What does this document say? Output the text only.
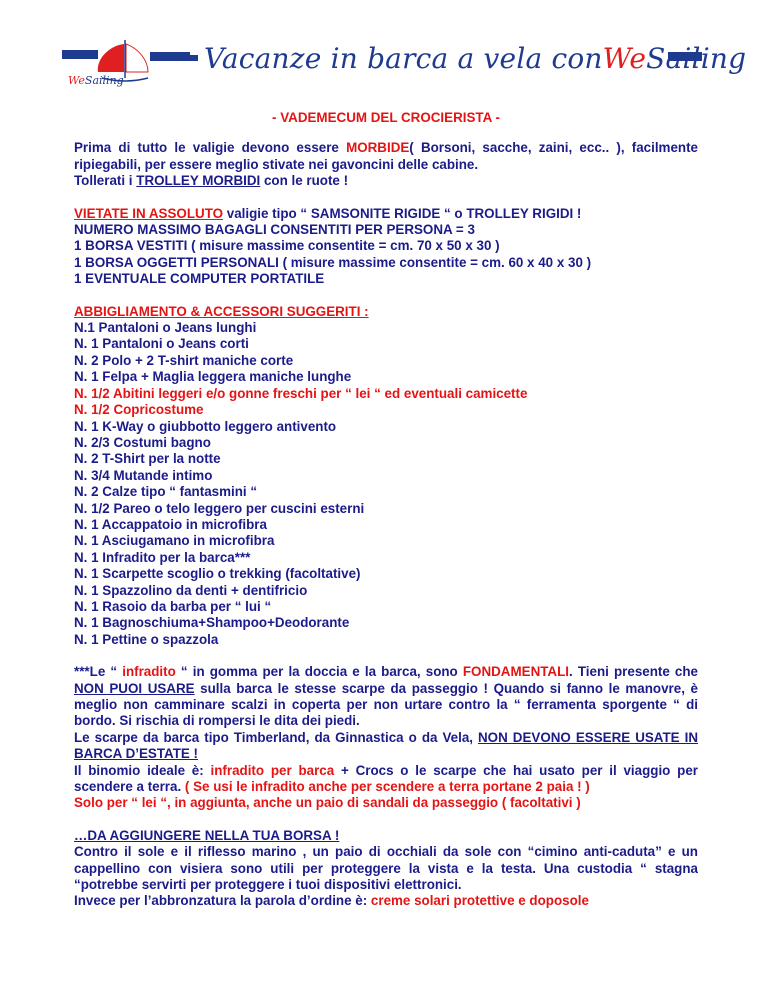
WeSailing
Vacanze in barca a vela conWeSailing

- VADEMECUM DEL CROCIERISTA -

Prima di tutto le valigie devono essere MORBIDE( Borsoni, sacche, zaini, ecc.. ), facilmente ripiegabili, per essere meglio stivate nei gavoncini delle cabine.

Tollerati i TROLLEY MORBIDI con le ruote !

VIETATE IN ASSOLUTO valigie tipo “ SAMSONITE RIGIDE “ o TROLLEY RIGIDI !

NUMERO MASSIMO BAGAGLI CONSENTITI PER PERSONA = 3

1 BORSA VESTITI ( misure massime consentite = cm. 70 x 50 x 30 )

1 BORSA OGGETTI PERSONALI ( misure massime consentite = cm. 60 x 40 x 30 )

1 EVENTUALE COMPUTER PORTATILE

ABBIGLIAMENTO & ACCESSORI SUGGERITI :

N.1 Pantaloni o Jeans lunghi

N. 1 Pantaloni o Jeans corti

N. 2 Polo + 2 T-shirt maniche corte

N. 1 Felpa + Maglia leggera maniche lunghe

N. 1/2 Abitini leggeri e/o gonne freschi per “ lei “ ed eventuali camicette

N. 1/2 Copricostume

N. 1 K-Way o giubbotto leggero antivento

N. 2/3 Costumi bagno

N. 2 T-Shirt per la notte

N. 3/4 Mutande intimo

N. 2 Calze tipo “ fantasmini “

N. 1/2 Pareo o telo leggero per cuscini esterni

N. 1 Accappatoio in microfibra

N. 1 Asciugamano in microfibra

N. 1 Infradito per la barca***

N. 1 Scarpette scoglio o trekking (facoltative)

N. 1 Spazzolino da denti + dentifricio

N. 1 Rasoio da barba per “ lui “

N. 1 Bagnoschiuma+Shampoo+Deodorante

N. 1 Pettine o spazzola

***Le “ infradito “ in gomma per la doccia e la barca, sono FONDAMENTALI. Tieni presente che NON PUOI USARE sulla barca le stesse scarpe da passeggio ! Quando si fanno le manovre, è meglio non camminare scalzi in coperta per non urtare contro la “ ferramenta sporgente “ di bordo. Si rischia di rompersi le dita dei piedi.

Le scarpe da barca tipo Timberland, da Ginnastica o da Vela, NON DEVONO ESSERE USATE IN BARCA D’ESTATE !

Il binomio ideale è: infradito per barca + Crocs o le scarpe che hai usato per il viaggio per scendere a terra. ( Se usi le infradito anche per scendere a terra portane 2 paia ! )

Solo per “ lei “, in aggiunta, anche un paio di sandali da passeggio ( facoltativi )

…DA AGGIUNGERE NELLA TUA BORSA !

Contro il sole e il riflesso marino , un paio di occhiali da sole con “cimino anti-caduta” e un cappellino con visiera sono utili per proteggere la vista e la testa. Una custodia “ stagna “potrebbe servirti per proteggere i tuoi dispositivi elettronici.

Invece per l’abbronzatura la parola d’ordine è: creme solari protettive e doposole
